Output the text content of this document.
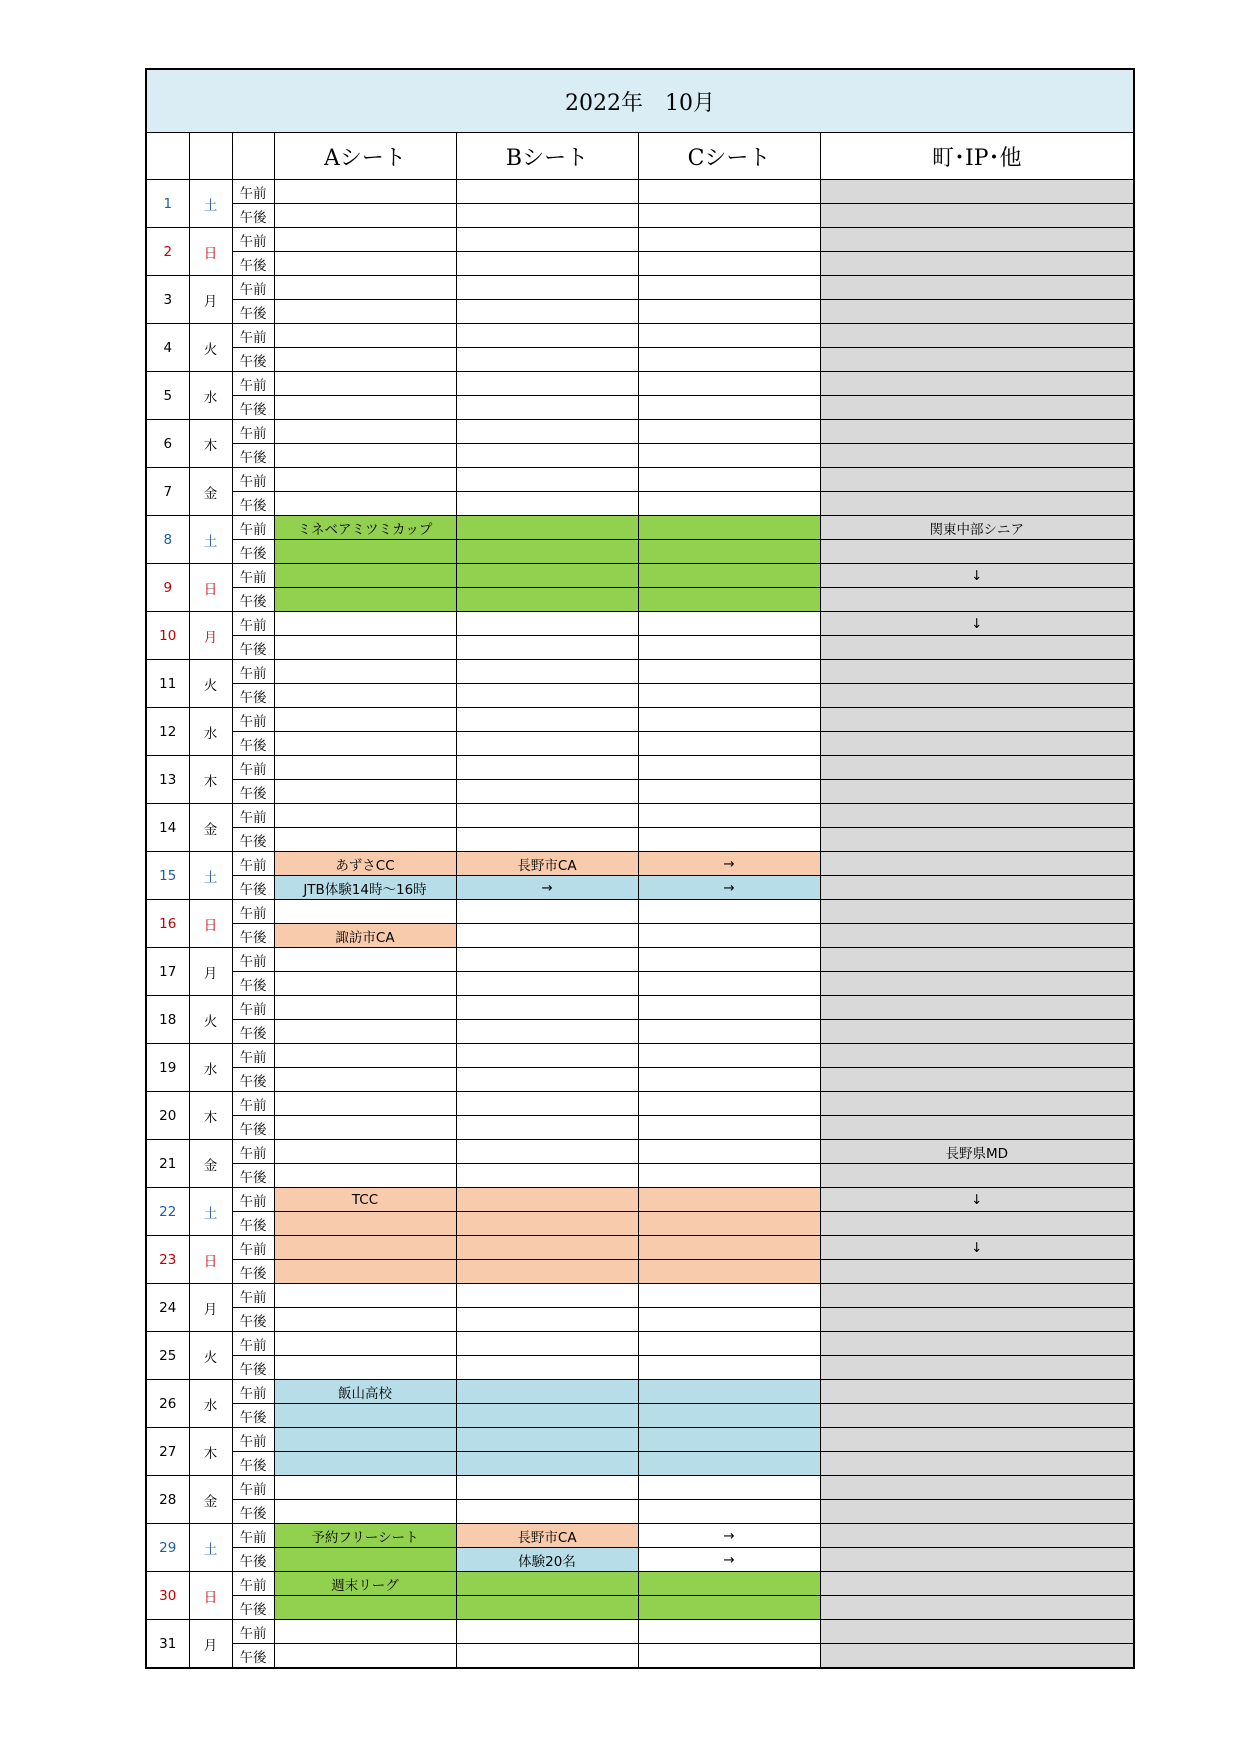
2022年　10月						
			Aシート	Bシート	Cシート	町･IP･他
1	土	午前				
		午後				
2	日	午前				
		午後				
3	月	午前				
		午後				
4	火	午前				
		午後				
5	水	午前				
		午後				
6	木	午前				
		午後				
7	金	午前				
		午後				
8	土	午前	ミネベアミツミカップ			関東中部シニア
		午後				
9	日	午前				↓
		午後				
10	月	午前				↓
		午後				
11	火	午前				
		午後				
12	水	午前				
		午後				
13	木	午前				
		午後				
14	金	午前				
		午後				
15	土	午前	あずさCC	長野市CA	→	
		午後	JTB体験14時～16時	→	→	
16	日	午前				
		午後	諏訪市CA			
17	月	午前				
		午後				
18	火	午前				
		午後				
19	水	午前				
		午後				
20	木	午前				
		午後				
21	金	午前				長野県MD
		午後				
22	土	午前	TCC			↓
		午後				
23	日	午前				↓
		午後				
24	月	午前				
		午後				
25	火	午前				
		午後				
26	水	午前	飯山高校			
		午後				
27	木	午前				
		午後				
28	金	午前				
		午後				
29	土	午前	予約フリーシート	長野市CA	→	
		午後		体験20名	→	
30	日	午前	週末リーグ			
		午後				
31	月	午前				
		午後				
